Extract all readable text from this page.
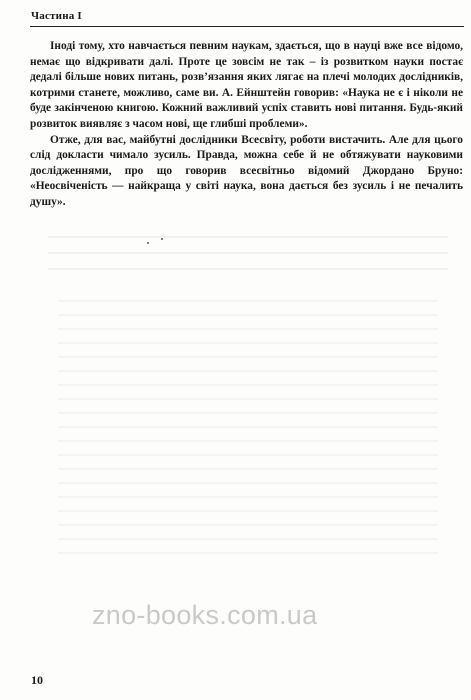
Частина I

Іноді тому, хто навчається певним наукам, здається, що в науці вже все відомо, немає що відкривати далі. Проте це зовсім не так – із розвитком науки постає дедалі більше нових питань, розв’язання яких лягає на плечі молодих дослідників, котрими станете, можливо, саме ви. А. Ейнштейн говорив: «Наука не є і ніколи не буде закінченою книгою. Кожний важливий успіх ставить нові питання. Будь-який розвиток виявляє з часом нові, ще глибші проблеми».

Отже, для вас, майбутні дослідники Всесвіту, роботи вистачить. Але для цього слід докласти чимало зусиль. Правда, можна себе й не обтяжувати науковими дослідженнями, про що говорив всесвітньо відомий Джордано Бруно: «Неосвіченість — найкраща у світі наука, вона дається без зусиль і не печалить душу».

zno-books.com.ua
10
